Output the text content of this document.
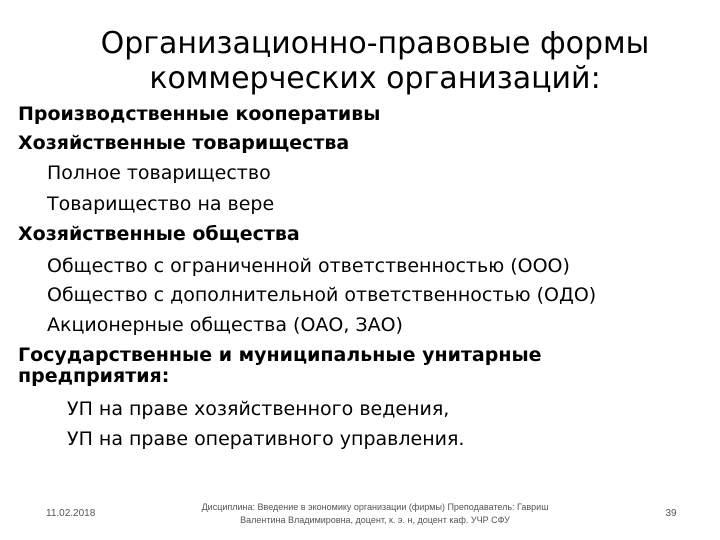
Организационно-правовые формы
коммерческих организаций:
Производственные кооперативы
Хозяйственные товарищества
Полное товарищество
Товарищество на вере
Хозяйственные общества
Общество с ограниченной ответственностью (ООО)
Общество с дополнительной ответственностью (ОДО)
Акционерные общества (ОАО, ЗАО)
Государственные и муниципальные унитарные
предприятия:
УП на праве хозяйственного ведения,
УП на праве оперативного управления.
11.02.2018
Дисциплина: Введение в экономику организации (фирмы) Преподаватель: Гавриш
Валентина Владимировна, доцент, к. э. н, доцент каф. УЧР СФУ
39
